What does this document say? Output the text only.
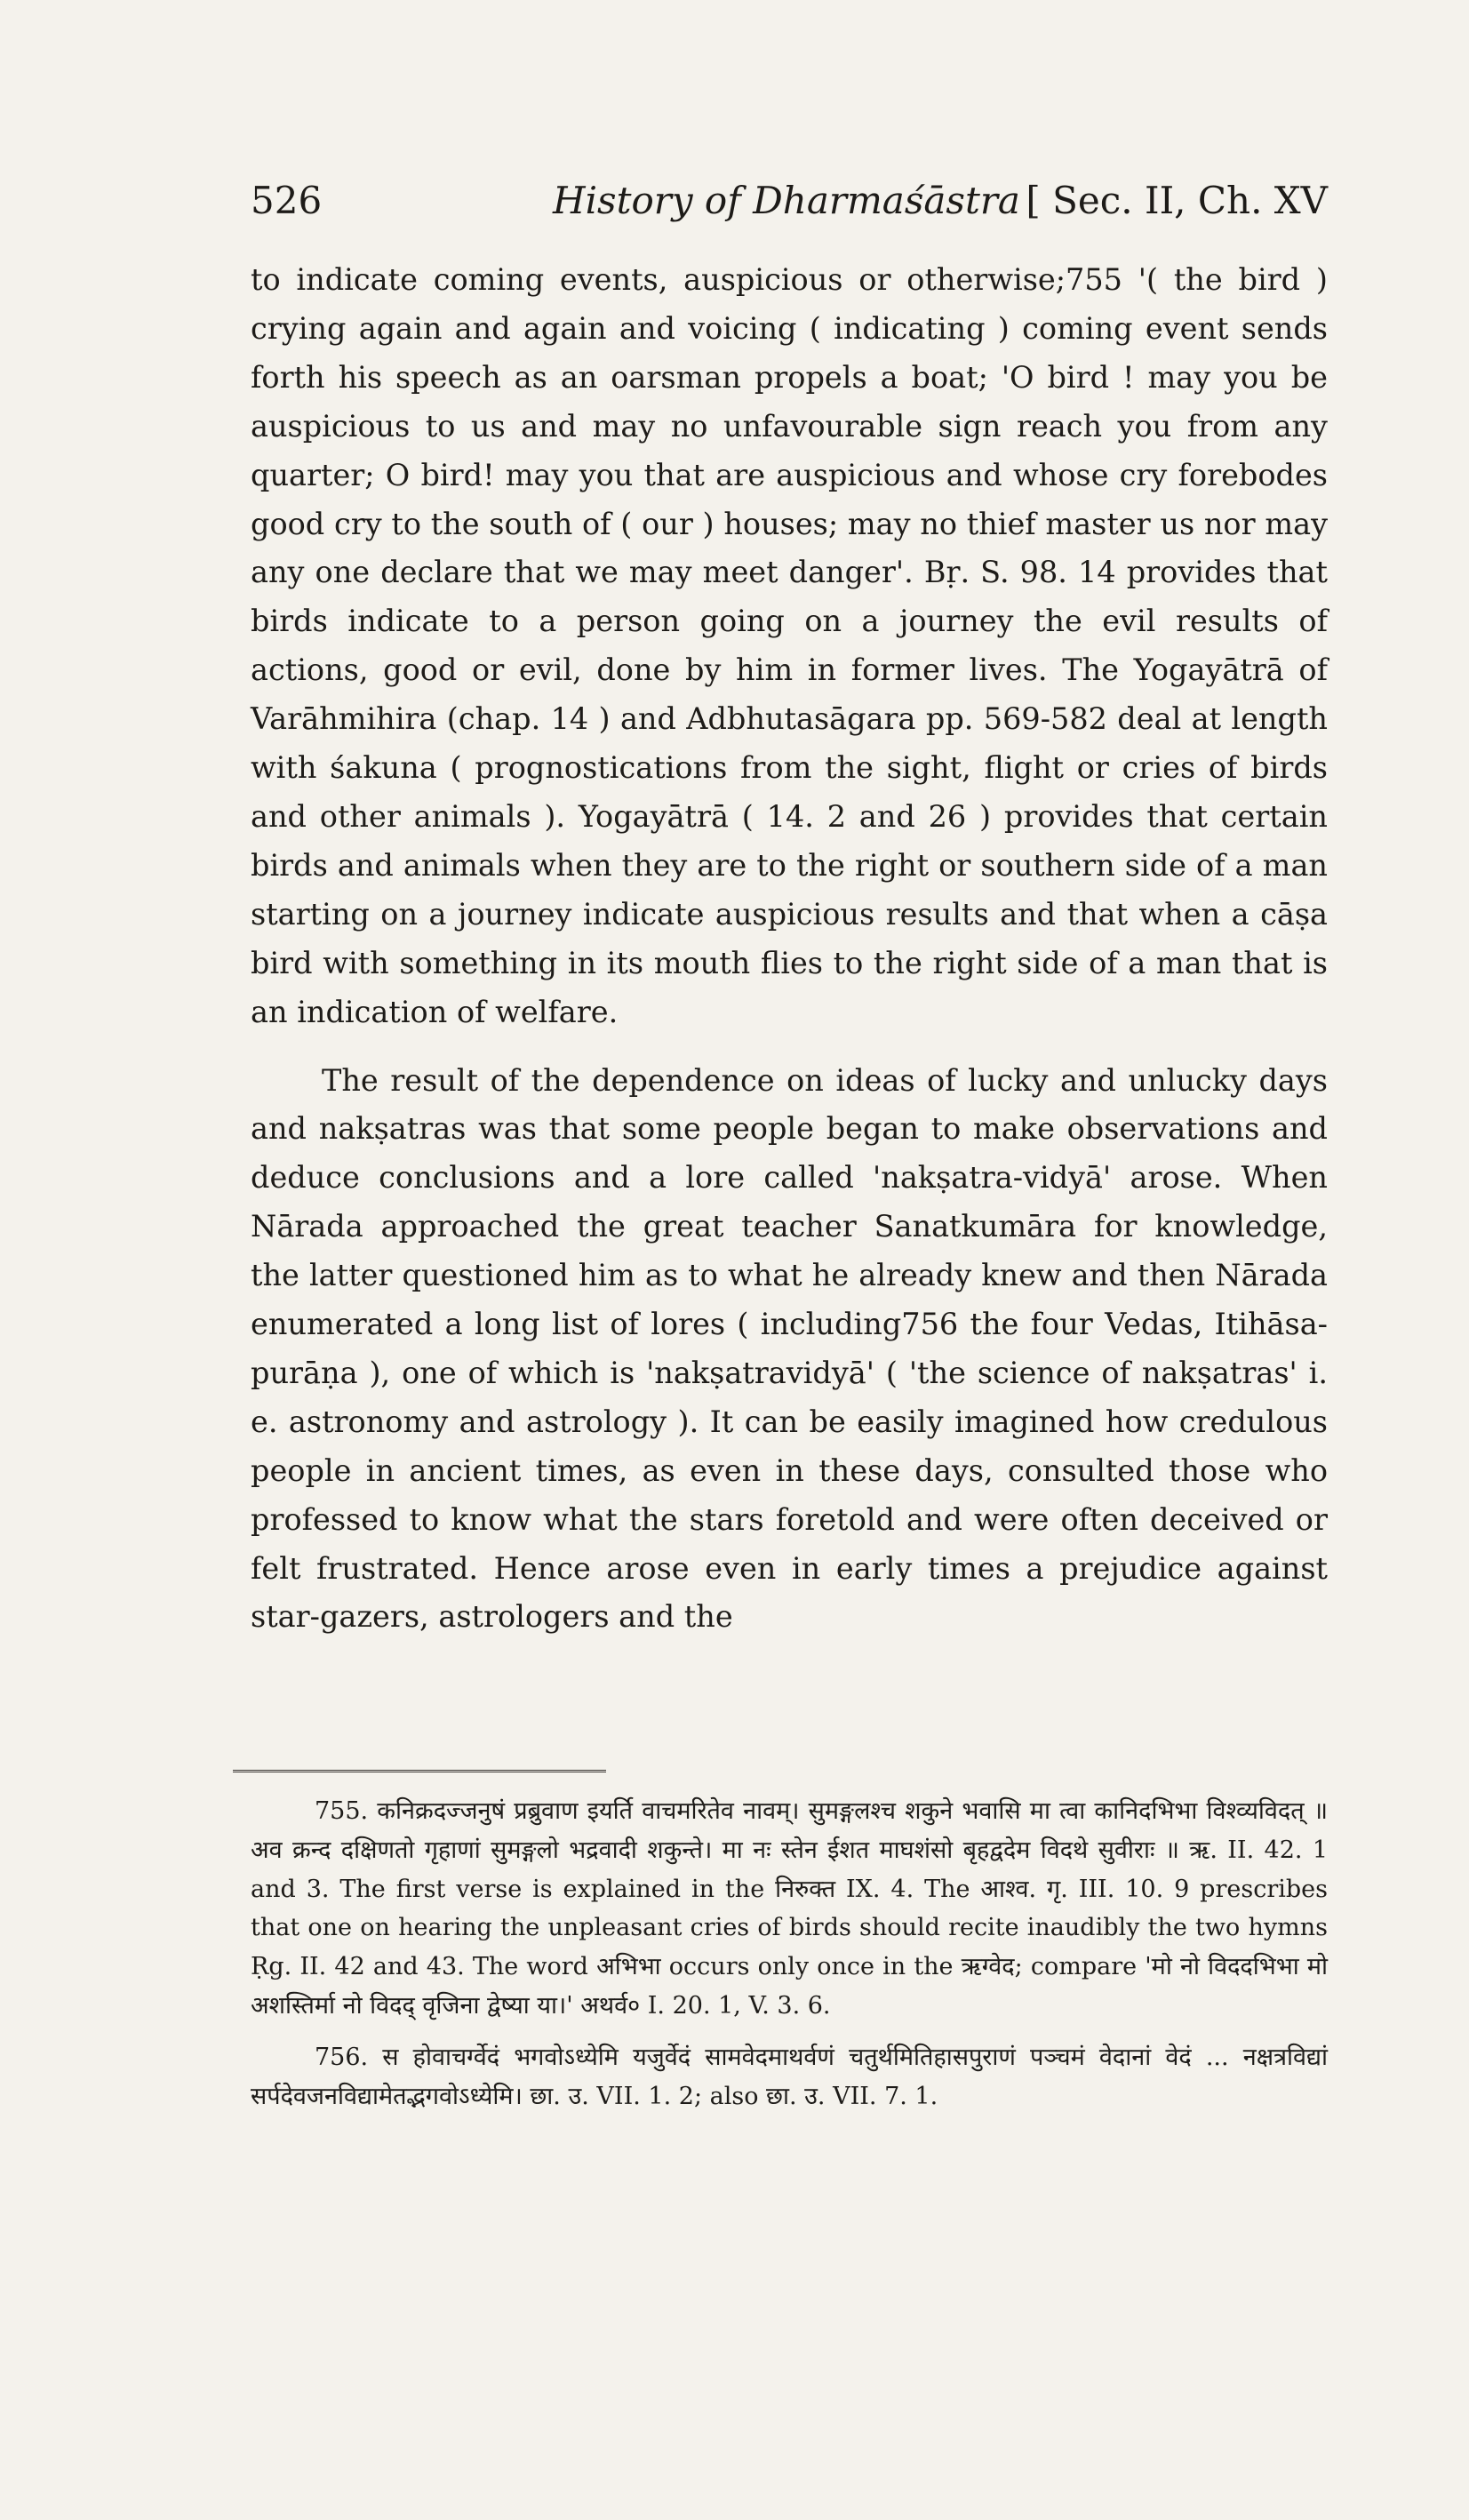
526	History of Dharmaśāstra [ Sec. II, Ch. XV

to indicate coming events, auspicious or otherwise;755 '( the bird ) crying again and again and voicing ( indicating ) coming event sends forth his speech as an oarsman propels a boat; 'O bird ! may you be auspicious to us and may no unfavourable sign reach you from any quarter; O bird! may you that are auspicious and whose cry forebodes good cry to the south of ( our ) houses; may no thief master us nor may any one declare that we may meet danger'. Bṛ. S. 98. 14 provides that birds indicate to a person going on a journey the evil results of actions, good or evil, done by him in former lives. The Yogayātrā of Varāhmihira (chap. 14 ) and Adbhutasāgara pp. 569-582 deal at length with śakuna ( prognostications from the sight, flight or cries of birds and other animals ). Yogayātrā ( 14. 2 and 26 ) provides that certain birds and animals when they are to the right or southern side of a man starting on a journey indicate auspicious results and that when a cāṣa bird with something in its mouth flies to the right side of a man that is an indication of welfare.

The result of the dependence on ideas of lucky and unlucky days and nakṣatras was that some people began to make observations and deduce conclusions and a lore called 'nakṣatra-vidyā' arose. When Nārada approached the great teacher Sanatkumāra for knowledge, the latter questioned him as to what he already knew and then Nārada enumerated a long list of lores ( including756 the four Vedas, Itihāsa-purāṇa ), one of which is 'nakṣatravidyā' ( 'the science of nakṣatras' i. e. astronomy and astrology ). It can be easily imagined how credulous people in ancient times, as even in these days, consulted those who professed to know what the stars foretold and were often deceived or felt frustrated. Hence arose even in early times a prejudice against star-gazers, astrologers and the

755. कनिक्रदज्जनुषं प्रब्रुवाण इयर्ति वाचमरितेव नावम्। सुमङ्गलश्च शकुने भवासि मा त्वा कानिदभिभा विश्व्यविदत् ॥ अव क्रन्द दक्षिणतो गृहाणां सुमङ्गलो भद्रवादी शकुन्ते। मा नः स्तेन ईशत माघशंसो बृहद्वदेम विदथे सुवीराः ॥ ऋ. II. 42. 1 and 3. The first verse is explained in the निरुक्त IX. 4. The आश्व. गृ. III. 10. 9 prescribes that one on hearing the unpleasant cries of birds should recite inaudibly the two hymns Ṛg. II. 42 and 43. The word अभिभा occurs only once in the ऋग्वेद; compare 'मो नो विददभिभा मो अशस्तिर्मा नो विदद् वृजिना द्वेष्या या।' अथर्व० I. 20. 1, V. 3. 6.

756. स होवाचर्ग्वेदं भगवोऽध्येमि यजुर्वेदं सामवेदमाथर्वणं चतुर्थमितिहासपुराणं पञ्चमं वेदानां वेदं ... नक्षत्रविद्यां सर्पदेवजनविद्यामेतद्भगवोऽध्येमि। छा. उ. VII. 1. 2; also छा. उ. VII. 7. 1.
